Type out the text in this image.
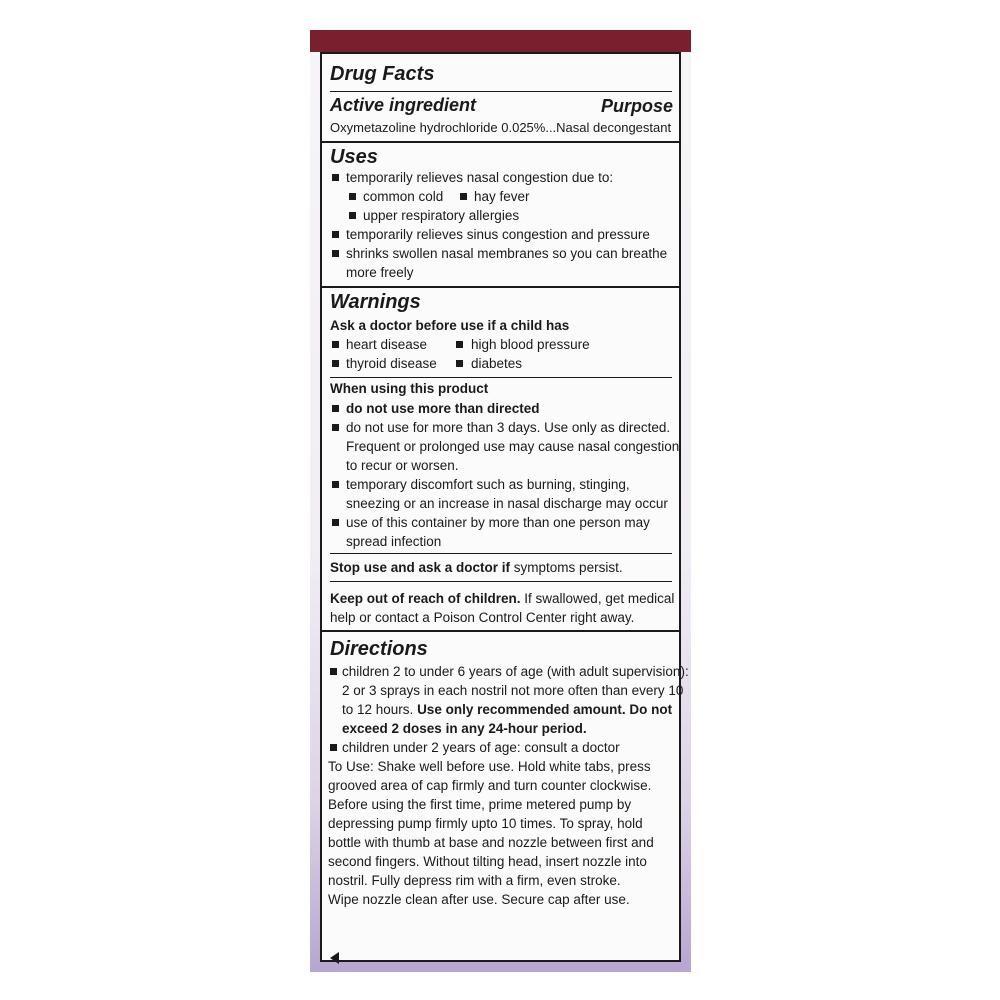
Drug Facts
Active ingredient	Purpose
Oxymetazoline hydrochloride 0.025%...Nasal decongestant
Uses
temporarily relieves nasal congestion due to:
common cold hay fever
upper respiratory allergies
temporarily relieves sinus congestion and pressure
shrinks swollen nasal membranes so you can breathe
more freely
Warnings
Ask a doctor before use if a child has
heart disease	high blood pressure
thyroid disease	diabetes
When using this product
do not use more than directed
do not use for more than 3 days. Use only as directed.
Frequent or prolonged use may cause nasal congestion
to recur or worsen.
temporary discomfort such as burning, stinging,
sneezing or an increase in nasal discharge may occur
use of this container by more than one person may
spread infection
Stop use and ask a doctor if symptoms persist.
Keep out of reach of children. If swallowed, get medical
help or contact a Poison Control Center right away.
Directions
children 2 to under 6 years of age (with adult supervision):
2 or 3 sprays in each nostril not more often than every 10
to 12 hours. Use only recommended amount. Do not
exceed 2 doses in any 24-hour period.
children under 2 years of age: consult a doctor
To Use: Shake well before use. Hold white tabs, press
grooved area of cap firmly and turn counter clockwise.
Before using the first time, prime metered pump by
depressing pump firmly upto 10 times. To spray, hold
bottle with thumb at base and nozzle between first and
second fingers. Without tilting head, insert nozzle into
nostril. Fully depress rim with a firm, even stroke.
Wipe nozzle clean after use. Secure cap after use.
